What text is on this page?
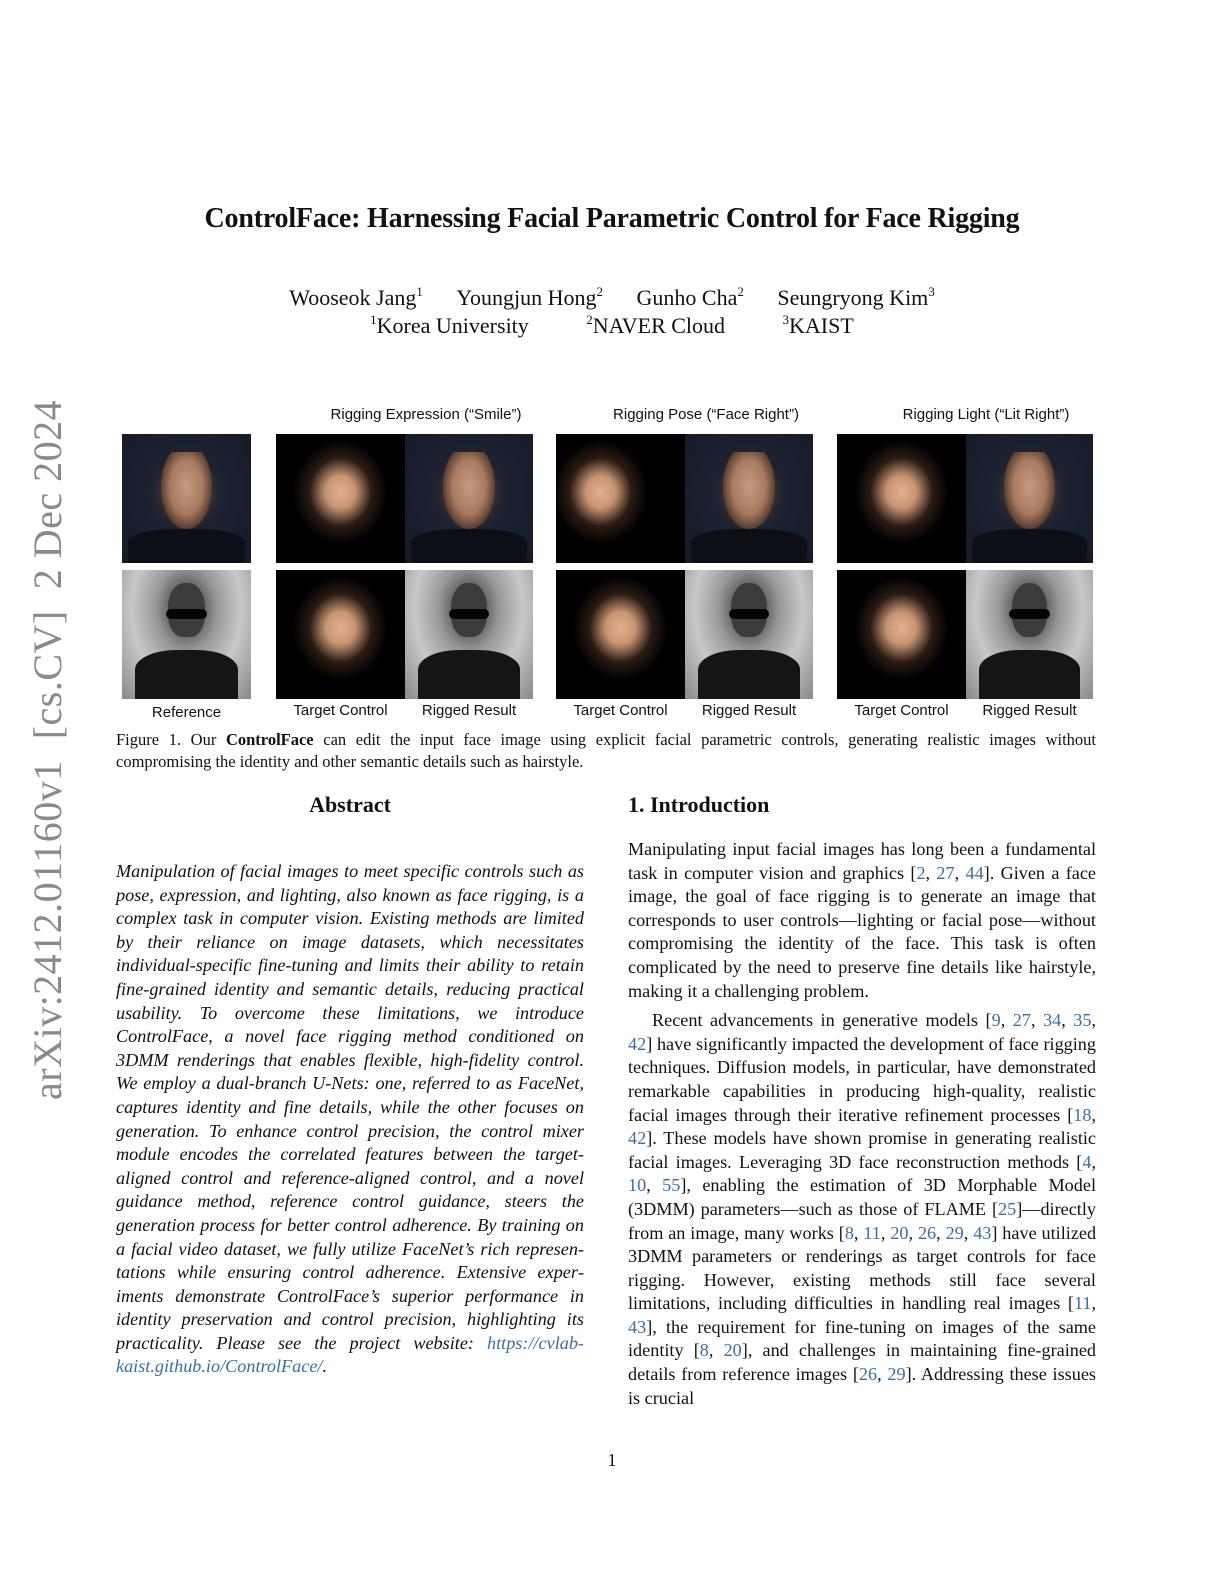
arXiv:2412.01160v1  [cs.CV]  2 Dec 2024
ControlFace: Harnessing Facial Parametric Control for Face Rigging
Wooseok Jang$^1$ Youngjun Hong$^2$ Gunho Cha$^2$ Seungryong Kim$^3$
$^1$Korea University	$^2$NAVER Cloud	$^3$KAIST
Rigging Expression (“Smile”)	Rigging Pose (“Face Right”)	Rigging Light (“Lit Right”)
Reference	Target Control	Rigged Result	Target Control	Rigged Result	Target Control	Rigged Result
Figure 1. Our ControlFace can edit the input face image using explicit facial parametric controls, generating realistic images without compromising the identity and other semantic details such as hairstyle.
Abstract
Manipulation of facial images to meet specific controls such as pose, expression, and lighting, also known as face rigging, is a complex task in computer vision. Existing methods are limited by their reliance on image datasets, which necessitates individual-specific fine-tuning and limits their ability to retain fine-grained identity and semantic details, reducing practical usability. To overcome these limitations, we introduce ControlFace, a novel face rigging method conditioned on 3DMM renderings that enables flexible, high-fidelity control. We employ a dual-branch U-Nets: one, referred to as FaceNet, captures identity and fine details, while the other focuses on generation. To enhance control precision, the control mixer module encodes the correlated features between the target-aligned control and reference-aligned control, and a novel guidance method, reference control guidance, steers the generation process for better control adherence. By training on a facial video dataset, we fully utilize FaceNet’s rich representations while ensuring control adherence. Extensive experiments demonstrate ControlFace’s superior performance in identity preservation and control precision, highlighting its practicality. Please see the project website: https://cvlab-kaist.github.io/ControlFace/.
1. Introduction

Manipulating input facial images has long been a fundamental task in computer vision and graphics [2, 27, 44]. Given a face image, the goal of face rigging is to generate an image that corresponds to user controls—lighting or facial pose—without compromising the identity of the face. This task is often complicated by the need to preserve fine details like hairstyle, making it a challenging problem.

Recent advancements in generative models [9, 27, 34, 35, 42] have significantly impacted the development of face rigging techniques. Diffusion models, in particular, have demonstrated remarkable capabilities in producing high-quality, realistic facial images through their iterative refinement processes [18, 42]. These models have shown promise in generating realistic facial images. Leveraging 3D face reconstruction methods [4, 10, 55], enabling the estimation of 3D Morphable Model (3DMM) parameters—such as those of FLAME [25]—directly from an image, many works [8, 11, 20, 26, 29, 43] have utilized 3DMM parameters or renderings as target controls for face rigging. However, existing methods still face several limitations, including difficulties in handling real images [11, 43], the requirement for fine-tuning on images of the same identity [8, 20], and challenges in maintaining fine-grained details from reference images [26, 29]. Addressing these issues is crucial

1
